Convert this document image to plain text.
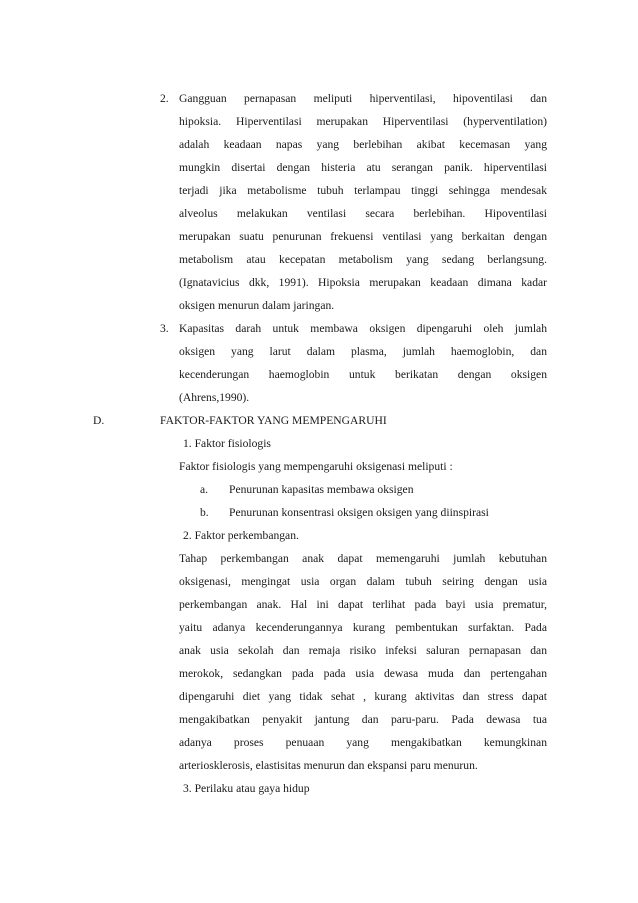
2. Gangguan pernapasan meliputi hiperventilasi, hipoventilasi dan
hipoksia. Hiperventilasi merupakan Hiperventilasi (hyperventilation)
adalah keadaan napas yang berlebihan akibat kecemasan yang
mungkin disertai dengan histeria atu serangan panik. hiperventilasi
terjadi jika metabolisme tubuh terlampau tinggi sehingga mendesak
alveolus melakukan ventilasi secara berlebihan. Hipoventilasi
merupakan suatu penurunan frekuensi ventilasi yang berkaitan dengan
metabolism atau kecepatan metabolism yang sedang berlangsung.
(Ignatavicius dkk, 1991). Hipoksia merupakan keadaan dimana kadar
oksigen menurun dalam jaringan.
3. Kapasitas darah untuk membawa oksigen dipengaruhi oleh jumlah
oksigen yang larut dalam plasma, jumlah haemoglobin, dan
kecenderungan haemoglobin untuk berikatan dengan oksigen
(Ahrens,1990).
D.	FAKTOR-FAKTOR YANG MEMPENGARUHI
1. Faktor fisiologis
Faktor fisiologis yang mempengaruhi oksigenasi meliputi :
a. Penurunan kapasitas membawa oksigen
b. Penurunan konsentrasi oksigen oksigen yang diinspirasi
2. Faktor perkembangan.
Tahap perkembangan anak dapat memengaruhi jumlah kebutuhan
oksigenasi, mengingat usia organ dalam tubuh seiring dengan usia
perkembangan anak. Hal ini dapat terlihat pada bayi usia prematur,
yaitu adanya kecenderungannya kurang pembentukan surfaktan. Pada
anak usia sekolah dan remaja risiko infeksi saluran pernapasan dan
merokok, sedangkan pada pada usia dewasa muda dan pertengahan
dipengaruhi diet yang tidak sehat , kurang aktivitas dan stress dapat
mengakibatkan penyakit jantung dan paru-paru. Pada dewasa tua
adanya proses penuaan yang mengakibatkan kemungkinan
arteriosklerosis, elastisitas menurun dan ekspansi paru menurun.
3. Perilaku atau gaya hidup
